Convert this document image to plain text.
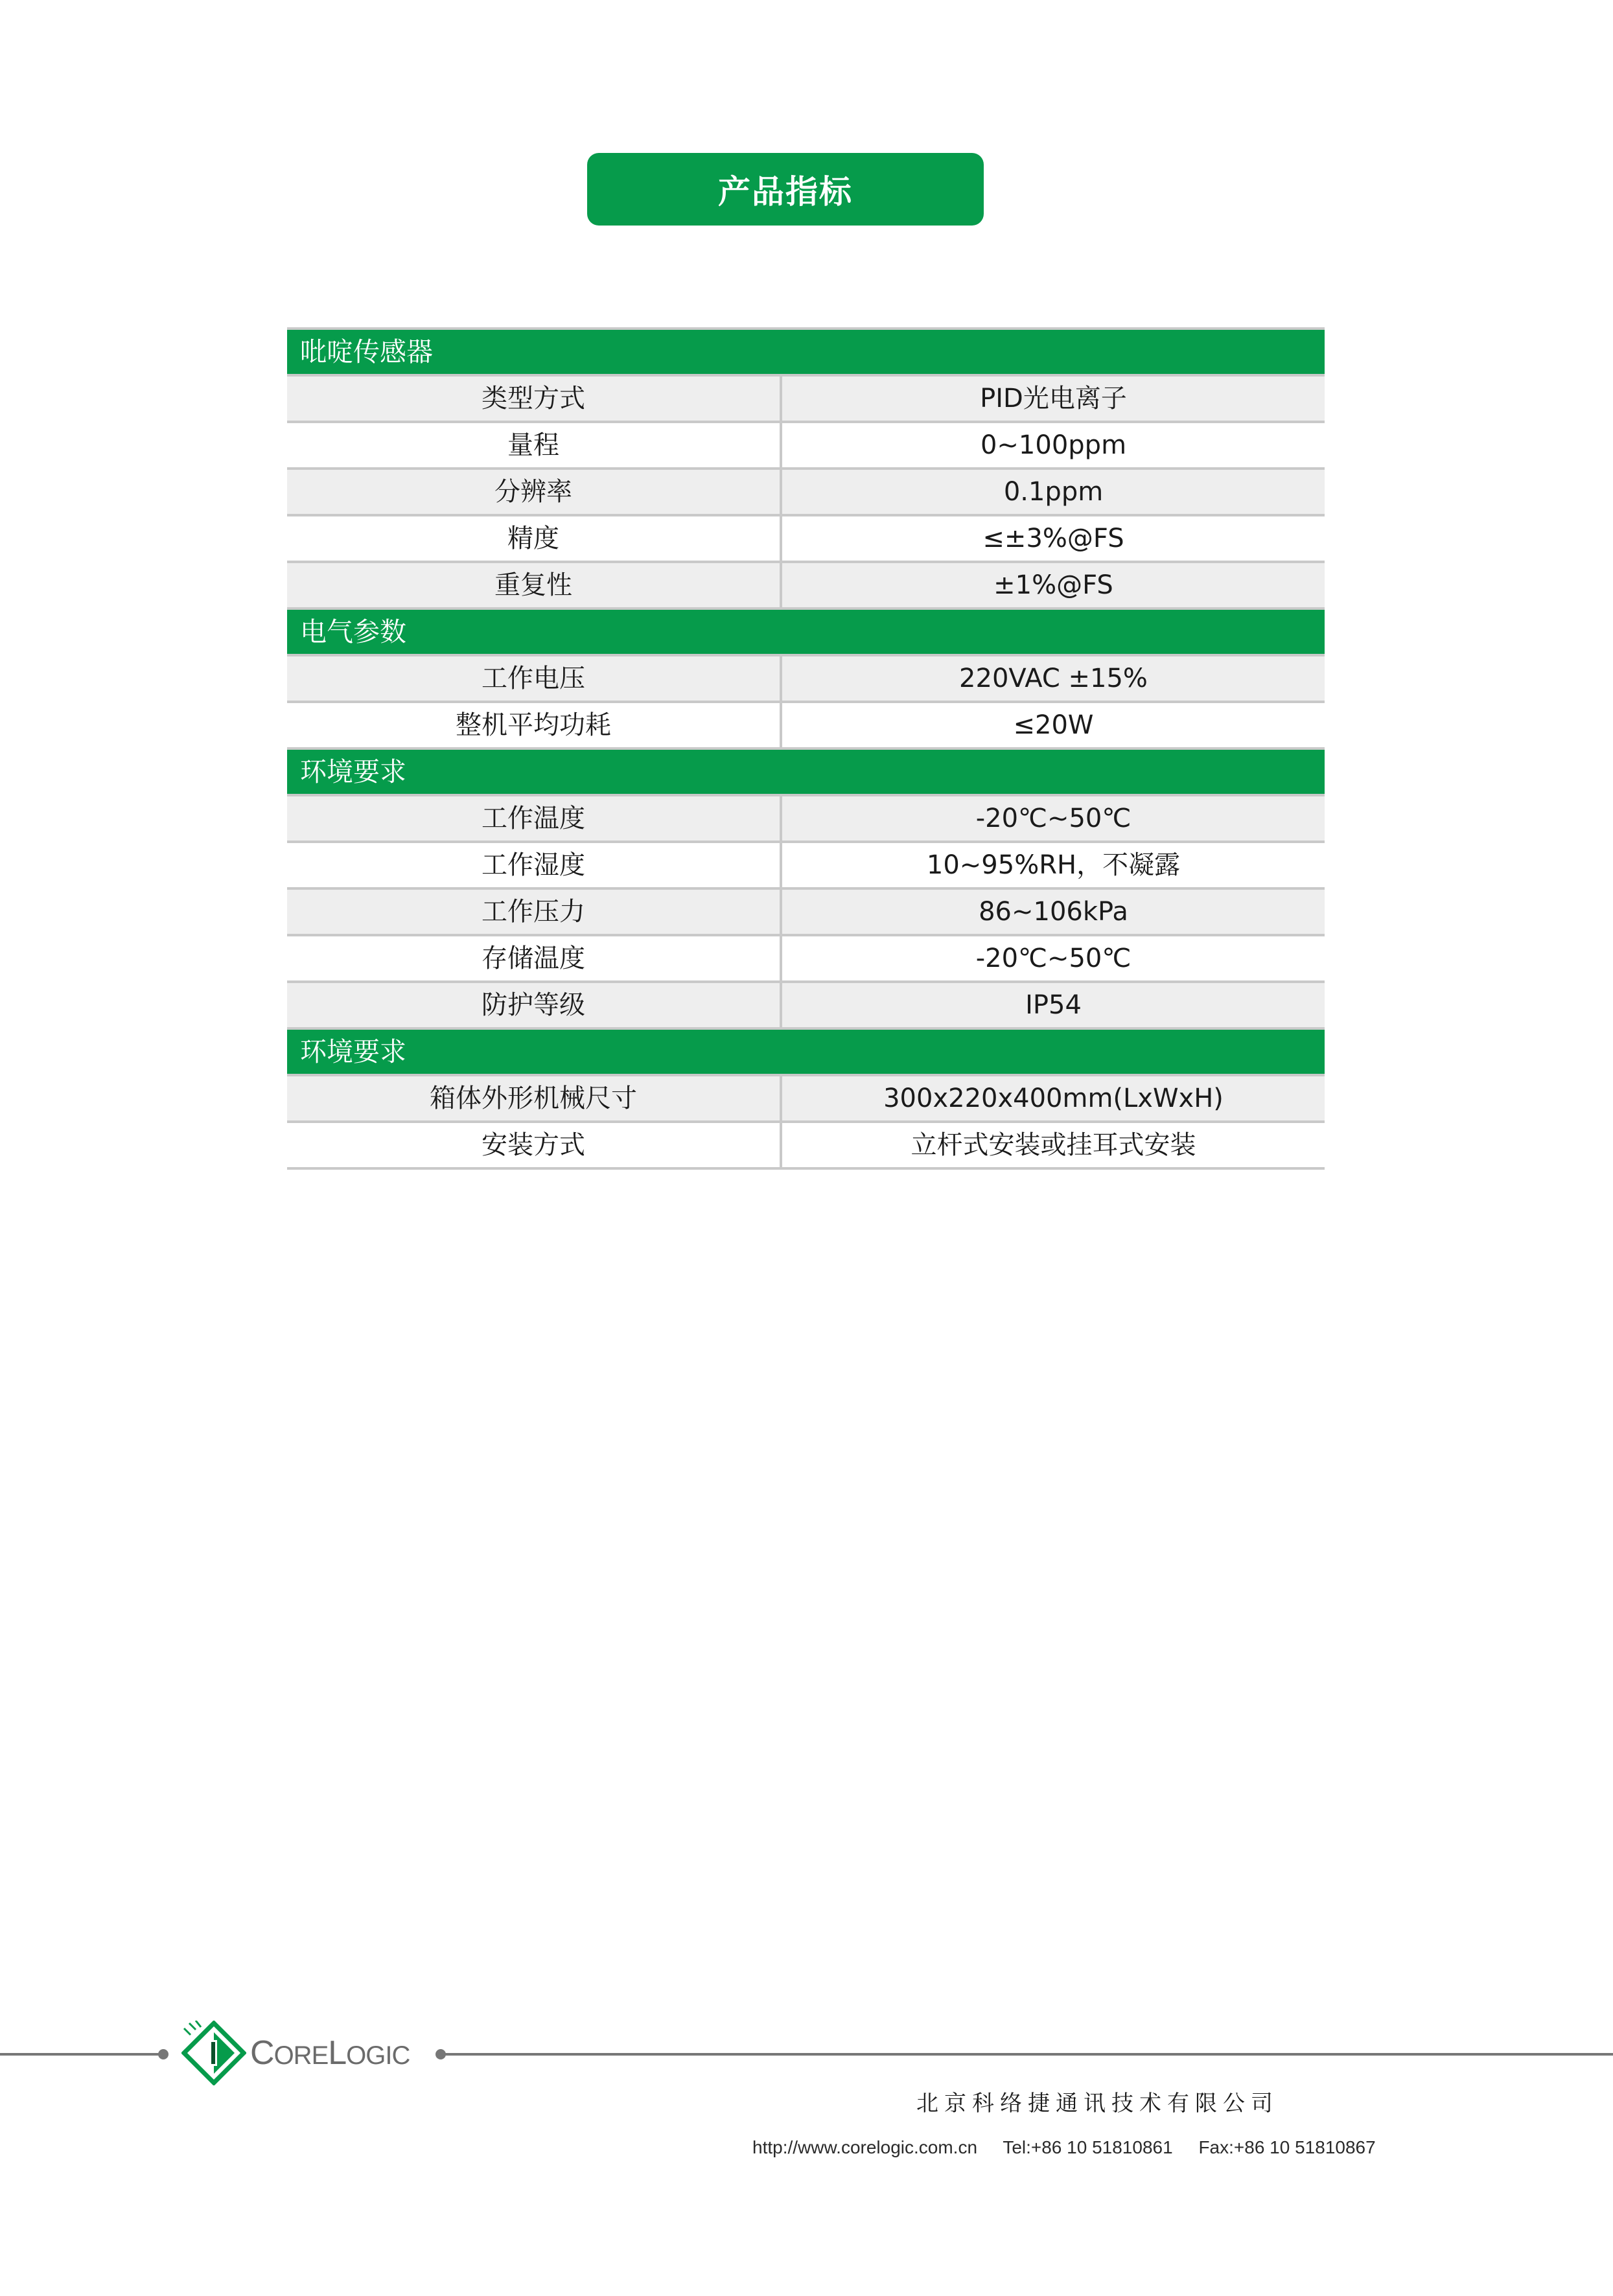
产品指标
吡啶传感器
类型方式	PID光电离子
量程	0~100ppm
分辨率	0.1ppm
精度	≤±3%@FS
重复性	±1%@FS
电气参数
工作电压	220VAC ±15%
整机平均功耗	≤20W
环境要求
工作温度	-20℃~50℃
工作湿度	10~95%RH，不凝露
工作压力	86~106kPa
存储温度	-20℃~50℃
防护等级	IP54
环境要求
箱体外形机械尺寸	300x220x400mm(LxWxH)
安装方式	立杆式安装或挂耳式安装
CORELOGIC
北京科络捷通讯技术有限公司
http://www.corelogic.com.cn Tel:+86 10 51810861 Fax:+86 10 51810867
